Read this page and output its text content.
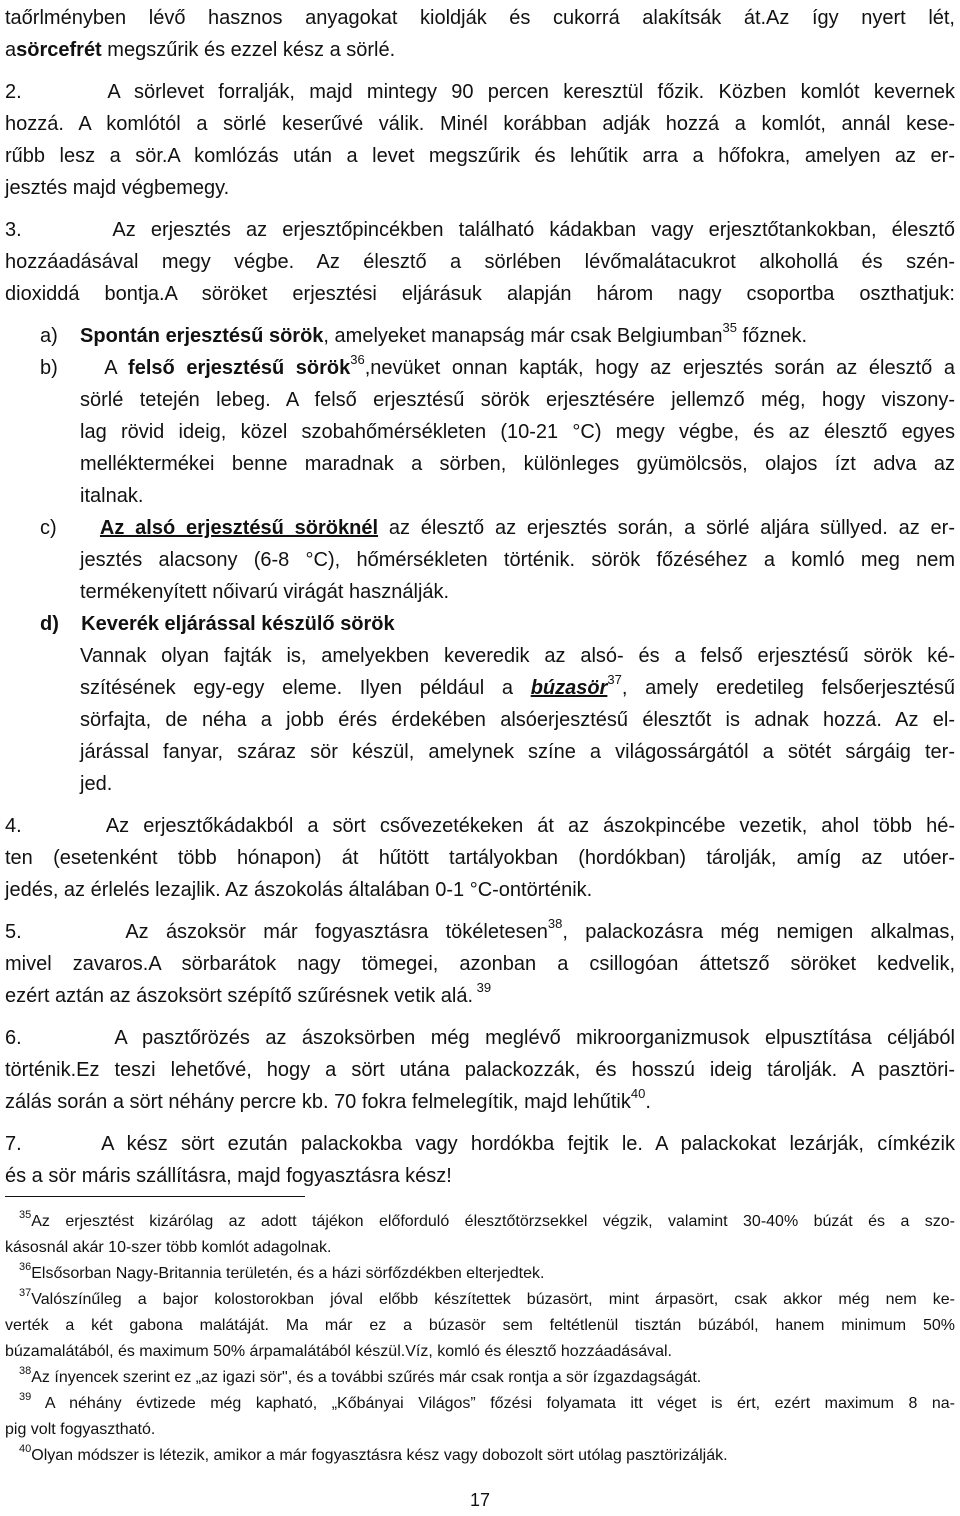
taőrlményben lévő hasznos anyagokat kioldják és cukorrá alakítsák át.Az így nyert lét,
asörcefrét megszűrik és ezzel kész a sörlé.
2.      A sörlevet forralják, majd mintegy 90 percen keresztül főzik. Közben komlót kevernek
hozzá. A komlótól a sörlé keserűvé válik. Minél korábban adják hozzá a komlót, annál kese-
rűbb lesz a sör.A komlózás után a levet megszűrik és lehűtik arra a hőfokra, amelyen az er-
jesztés majd végbemegy.
3.      Az erjesztés az erjesztőpincékben található kádakban vagy erjesztőtankokban, élesztő
hozzáadásával megy végbe. Az élesztő a sörlében lévőmalátacukrot alkohollá és szén-
dioxiddá bontja.A söröket erjesztési eljárásuk alapján három nagy csoportba oszthatjuk:
a)    Spontán erjesztésű sörök, amelyeket manapság már csak Belgiumban$^{35}$ főznek.
b)    A felső erjesztésű sörök$^{36}$,nevüket onnan kapták, hogy az erjesztés során az élesztő a
sörlé tetején lebeg. A felső erjesztésű sörök erjesztésére jellemző még, hogy viszony-
lag rövid ideig, közel szobahőmérsékleten (10-21 °C) megy végbe, és az élesztő egyes
melléktermékei benne maradnak a sörben, különleges gyümölcsös, olajos ízt adva az
italnak.
c)    Az alsó erjesztésű söröknél az élesztő az erjesztés során, a sörlé aljára süllyed. az er-
jesztés alacsony (6-8 °C), hőmérsékleten történik. sörök főzéséhez a komló meg nem
termékenyített nőivarú virágát használják.
d) Keverék eljárással készülő sörök
Vannak olyan fajták is, amelyekben keveredik az alsó- és a felső erjesztésű sörök ké-
szítésének egy-egy eleme. Ilyen például a búzasör$^{37}$, amely eredetileg felsőerjesztésű
sörfajta, de néha a jobb érés érdekében alsóerjesztésű élesztőt is adnak hozzá. Az el-
járással fanyar, száraz sör készül, amelynek színe a világossárgától a sötét sárgáig ter-
jed.
4.      Az erjesztőkádakból a sört csővezetékeken át az ászokpincébe vezetik, ahol több hé-
ten (esetenként több hónapon) át hűtött tartályokban (hordókban) tárolják, amíg az utóer-
jedés, az érlelés lezajlik. Az ászokolás általában 0-1 °C-ontörténik.
5.      Az ászoksör már fogyasztásra tökéletesen$^{38}$, palackozásra még nemigen alkalmas,
mivel zavaros.A sörbarátok nagy tömegei, azonban a csillogóan áttetsző söröket kedvelik,
ezért aztán az ászoksört szépítő szűrésnek vetik alá. $^{39}$
6.      A pasztőrözés az ászoksörben még meglévő mikroorganizmusok elpusztítása céljából
történik.Ez teszi lehetővé, hogy a sört utána palackozzák, és hosszú ideig tárolják. A pasztöri-
zálás során a sört néhány percre kb. 70 fokra felmelegítik, majd lehűtik$^{40}$.
7.      A kész sört ezután palackokba vagy hordókba fejtik le. A palackokat lezárják, címkézik
és a sör máris szállításra, majd fogyasztásra kész!
$^{35}$Az erjesztést kizárólag az adott tájékon előforduló élesztőtörzsekkel végzik, valamint 30-40% búzát és a szo-
kásosnál akár 10-szer több komlót adagolnak.
$^{36}$Elsősorban Nagy-Britannia területén, és a házi sörfőzdékben elterjedtek.
$^{37}$Valószínűleg a bajor kolostorokban jóval előbb készítettek búzasört, mint árpasört, csak akkor még nem ke-
verték a két gabona malátáját. Ma már ez a búzasör sem feltétlenül tisztán búzából, hanem minimum 50%
búzamalátából, és maximum 50% árpamalátából készül.Víz, komló és élesztő hozzáadásával.
$^{38}$Az ínyencek szerint ez „az igazi sör", és a további szűrés már csak rontja a sör ízgazdagságát.
$^{39}$ A néhány évtizede még kapható, „Kőbányai Világos” főzési folyamata itt véget is ért, ezért maximum 8 na-
pig volt fogyasztható.
$^{40}$Olyan módszer is létezik, amikor a már fogyasztásra kész vagy dobozolt sört utólag pasztörizálják.
17
